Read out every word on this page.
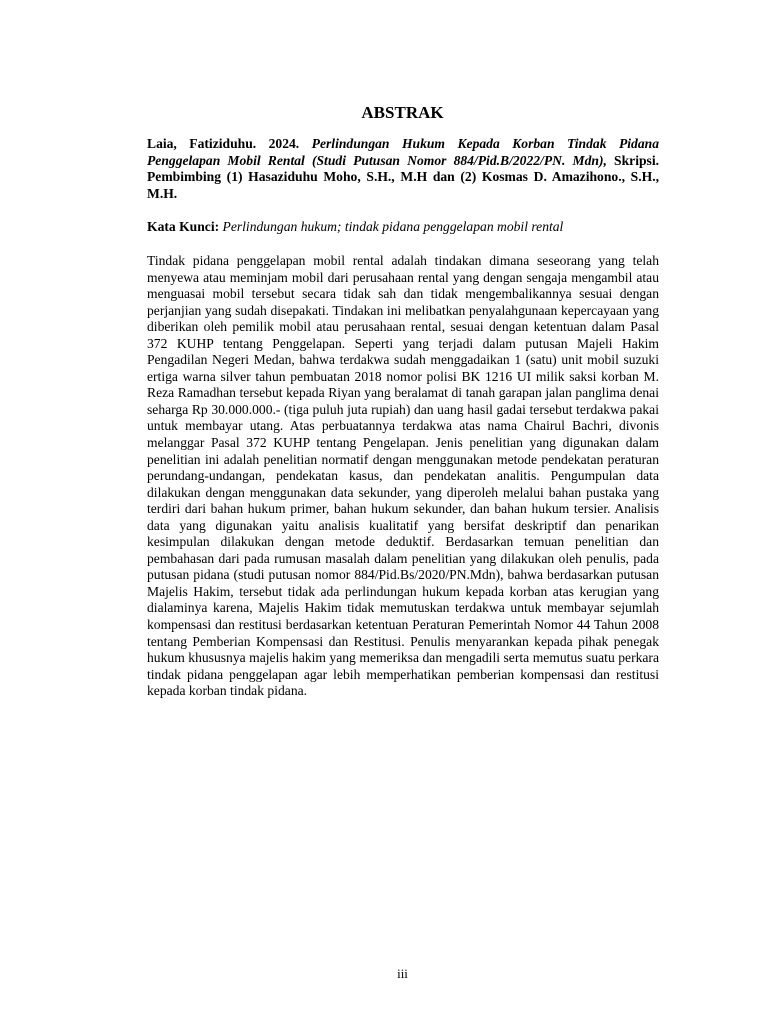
ABSTRAK
Laia, Fatiziduhu. 2024. Perlindungan Hukum Kepada Korban Tindak Pidana Penggelapan Mobil Rental (Studi Putusan Nomor 884/Pid.B/2022/PN. Mdn), Skripsi. Pembimbing (1) Hasaziduhu Moho, S.H., M.H dan (2) Kosmas D. Amazihono., S.H., M.H.
Kata Kunci: Perlindungan hukum; tindak pidana penggelapan mobil rental

Tindak pidana penggelapan mobil rental adalah tindakan dimana seseorang yang telah menyewa atau meminjam mobil dari perusahaan rental yang dengan sengaja mengambil atau menguasai mobil tersebut secara tidak sah dan tidak mengembalikannya sesuai dengan perjanjian yang sudah disepakati. Tindakan ini melibatkan penyalahgunaan kepercayaan yang diberikan oleh pemilik mobil atau perusahaan rental, sesuai dengan ketentuan dalam Pasal 372 KUHP tentang Penggelapan. Seperti yang terjadi dalam putusan Majeli Hakim Pengadilan Negeri Medan, bahwa terdakwa sudah menggadaikan 1 (satu) unit mobil suzuki ertiga warna silver tahun pembuatan 2018 nomor polisi BK 1216 UI milik saksi korban M. Reza Ramadhan tersebut kepada Riyan yang beralamat di tanah garapan jalan panglima denai seharga Rp 30.000.000.- (tiga puluh juta rupiah) dan uang hasil gadai tersebut terdakwa pakai untuk membayar utang. Atas perbuatannya terdakwa atas nama Chairul Bachri, divonis melanggar Pasal 372 KUHP tentang Pengelapan. Jenis penelitian yang digunakan dalam penelitian ini adalah penelitian normatif dengan menggunakan metode pendekatan peraturan perundang-undangan, pendekatan kasus, dan pendekatan analitis. Pengumpulan data dilakukan dengan menggunakan data sekunder, yang diperoleh melalui bahan pustaka yang terdiri dari bahan hukum primer, bahan hukum sekunder, dan bahan hukum tersier. Analisis data yang digunakan yaitu analisis kualitatif yang bersifat deskriptif dan penarikan kesimpulan dilakukan dengan metode deduktif. Berdasarkan temuan penelitian dan pembahasan dari pada rumusan masalah dalam penelitian yang dilakukan oleh penulis, pada putusan pidana (studi putusan nomor 884/Pid.Bs/2020/PN.Mdn), bahwa berdasarkan putusan Majelis Hakim, tersebut tidak ada perlindungan hukum kepada korban atas kerugian yang dialaminya karena, Majelis Hakim tidak memutuskan terdakwa untuk membayar sejumlah kompensasi dan restitusi berdasarkan ketentuan Peraturan Pemerintah Nomor 44 Tahun 2008 tentang Pemberian Kompensasi dan Restitusi. Penulis menyarankan kepada pihak penegak hukum khususnya majelis hakim yang memeriksa dan mengadili serta memutus suatu perkara tindak pidana penggelapan agar lebih memperhatikan pemberian kompensasi dan restitusi kepada korban tindak pidana.

iii
